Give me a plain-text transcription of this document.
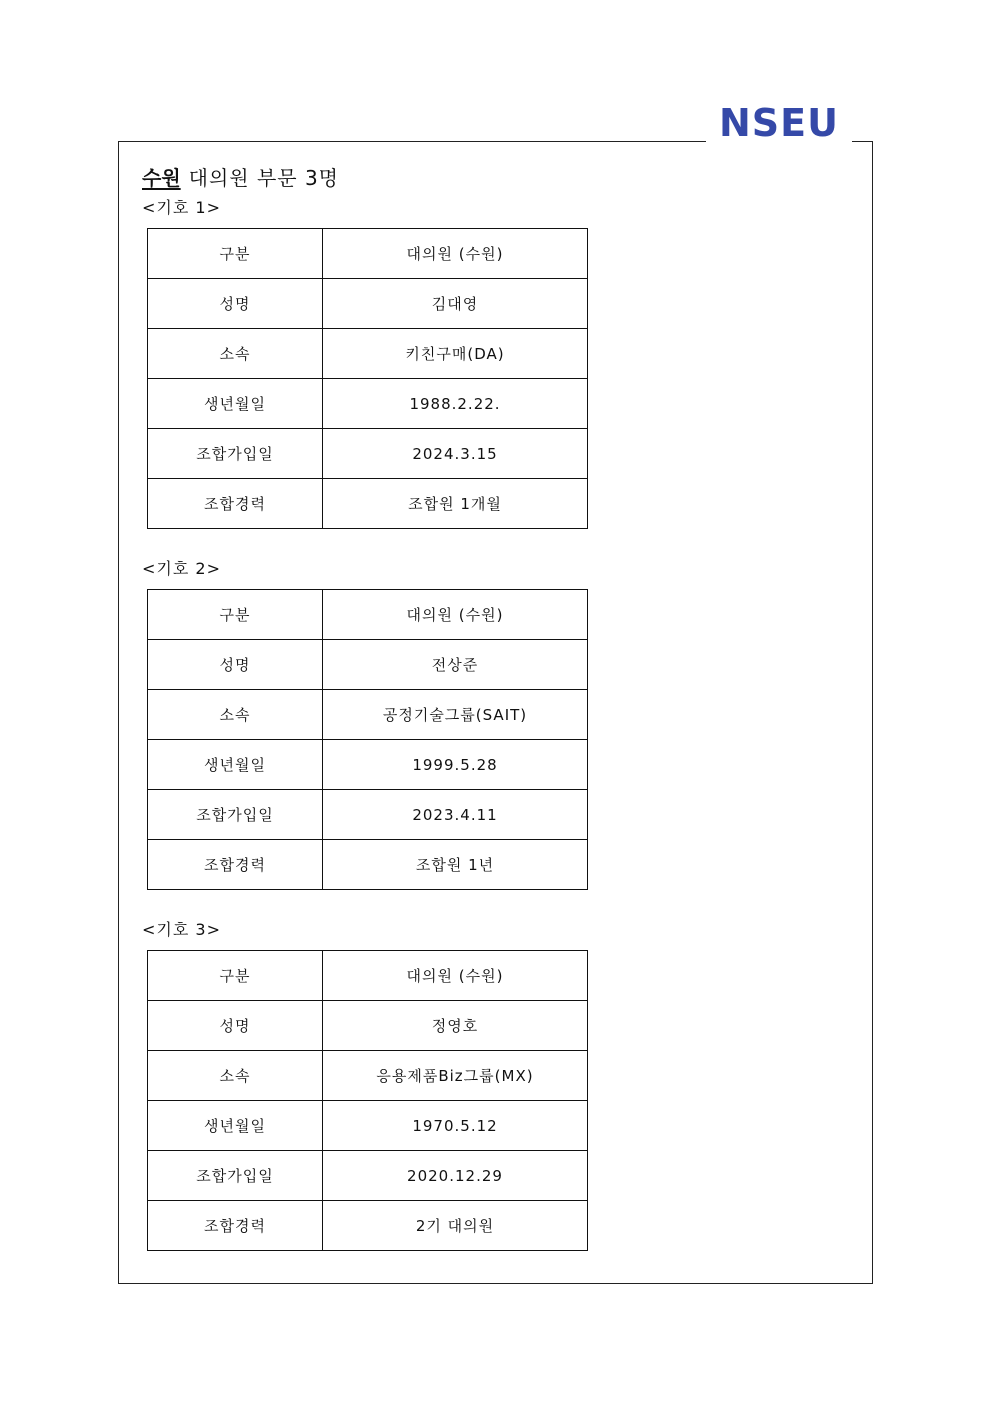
NSEU
수원 대의원 부문 3명
<기호 1>
구분	대의원 (수원)
성명	김대영
소속	키친구매(DA)
생년월일	1988.2.22.
조합가입일	2024.3.15
조합경력	조합원 1개월
<기호 2>
구분	대의원 (수원)
성명	전상준
소속	공정기술그룹(SAIT)
생년월일	1999.5.28
조합가입일	2023.4.11
조합경력	조합원 1년
<기호 3>
구분	대의원 (수원)
성명	정영호
소속	응용제품Biz그룹(MX)
생년월일	1970.5.12
조합가입일	2020.12.29
조합경력	2기 대의원
